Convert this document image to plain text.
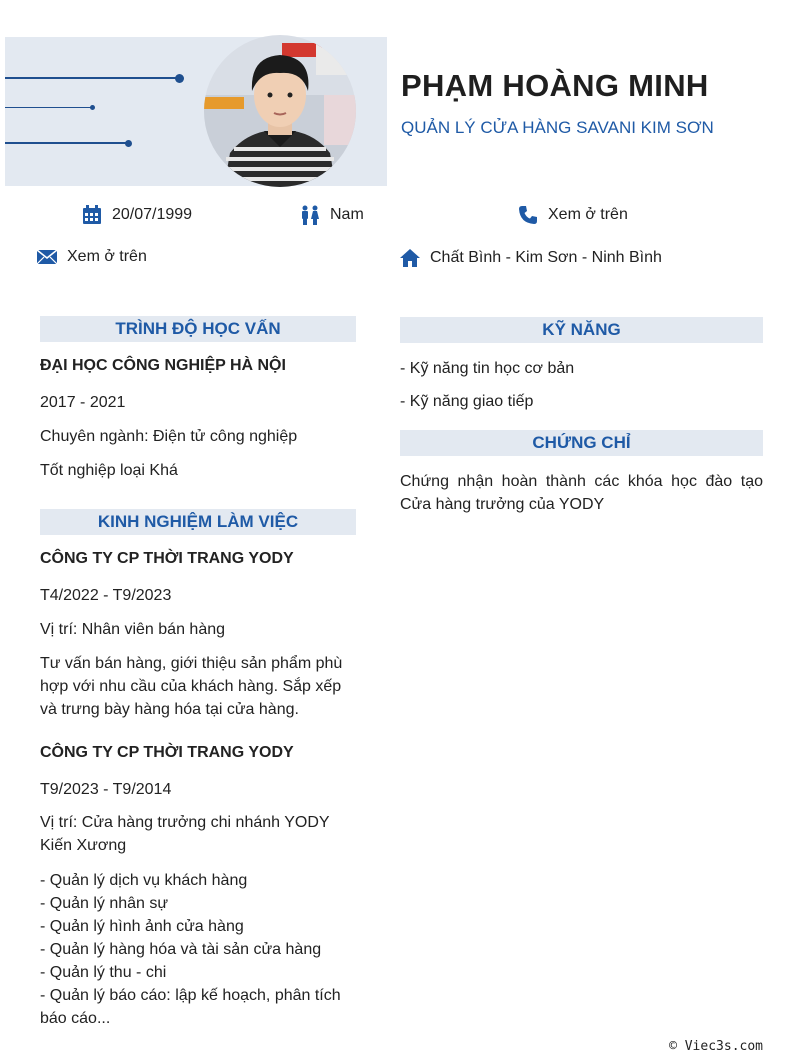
PHẠM HOÀNG MINH
QUẢN LÝ CỬA HÀNG SAVANI KIM SƠN
20/07/1999	Nam	Xem ở trên
Xem ở trên	Chất Bình - Kim Sơn - Ninh Bình
TRÌNH ĐỘ HỌC VẤN
ĐẠI HỌC CÔNG NGHIỆP HÀ NỘI
2017 - 2021
Chuyên ngành: Điện tử công nghiệp
Tốt nghiệp loại Khá
KINH NGHIỆM LÀM VIỆC
CÔNG TY CP THỜI TRANG YODY
T4/2022 - T9/2023
Vị trí: Nhân viên bán hàng
Tư vấn bán hàng, giới thiệu sản phẩm phù hợp với nhu cầu của khách hàng. Sắp xếp và trưng bày hàng hóa tại cửa hàng.
CÔNG TY CP THỜI TRANG YODY
T9/2023 - T9/2014
Vị trí: Cửa hàng trưởng chi nhánh YODY Kiến Xương
- Quản lý dịch vụ khách hàng
- Quản lý nhân sự
- Quản lý hình ảnh cửa hàng
- Quản lý hàng hóa và tài sản cửa hàng
- Quản lý thu - chi
- Quản lý báo cáo: lập kế hoạch, phân tích báo cáo...
KỸ NĂNG
- Kỹ năng tin học cơ bản
- Kỹ năng giao tiếp
CHỨNG CHỈ
Chứng nhận hoàn thành các khóa học đào tạo Cửa hàng trưởng của YODY
© Viec3s.com
